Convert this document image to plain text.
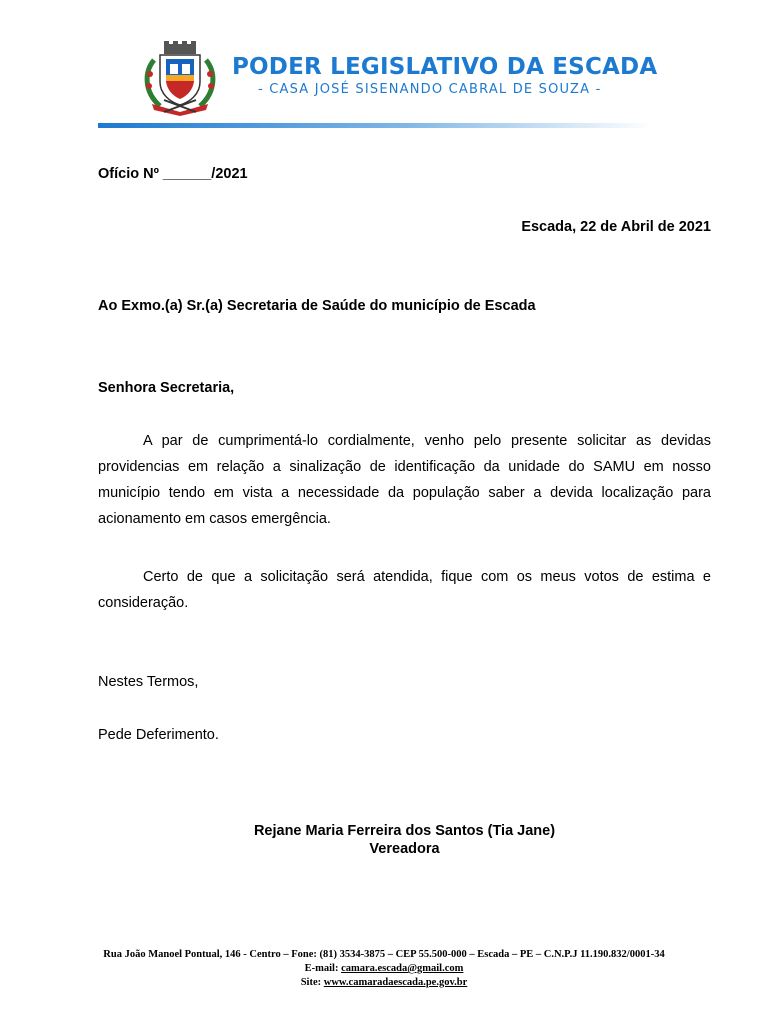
PODER LEGISLATIVO DA ESCADA
- CASA JOSÉ SISENANDO CABRAL DE SOUZA -
Ofício Nº ______/2021
Escada, 22 de Abril de 2021
Ao Exmo.(a) Sr.(a) Secretaria de Saúde do município de Escada
Senhora Secretaria,
A par de cumprimentá-lo cordialmente, venho pelo presente solicitar as devidas
providencias em relação a sinalização de identificação da unidade do SAMU em nosso
município tendo em vista a necessidade da população saber a devida localização para
acionamento em casos emergência.
Certo de que a solicitação será atendida, fique com os meus votos de estima e
consideração.
Nestes Termos,
Pede Deferimento.
Rejane Maria Ferreira dos Santos (Tia Jane)
Vereadora
Rua João Manoel Pontual, 146 - Centro – Fone: (81) 3534-3875 – CEP 55.500-000 – Escada – PE – C.N.P.J 11.190.832/0001-34
E-mail: camara.escada@gmail.com
Site: www.camaradaescada.pe.gov.br
